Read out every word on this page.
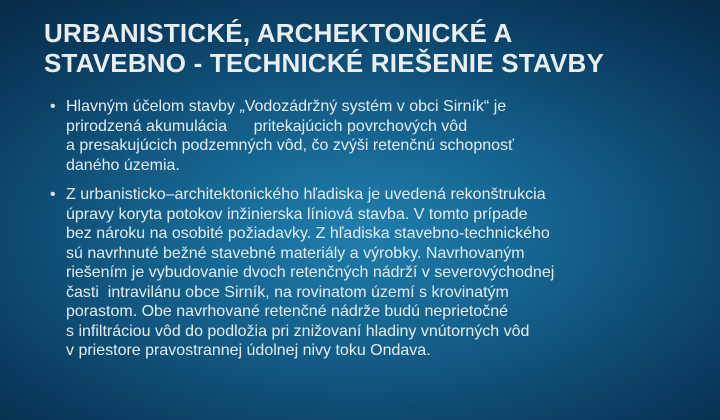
URBANISTICKÉ, ARCHEKTONICKÉ A
STAVEBNO - TECHNICKÉ RIEŠENIE STAVBY
• Hlavným účelom stavby „Vodozádržný systém v obci Sirník“ je
prirodzená akumulácia      pritekajúcich povrchových vôd
a presakujúcich podzemných vôd, čo zvýši retenčnú schopnosť
daného územia.
• Z urbanisticko–architektonického hľadiska je uvedená rekonštrukcia
úpravy koryta potokov inžinierska líniová stavba. V tomto prípade
bez nároku na osobité požiadavky. Z hľadiska stavebno-technického
sú navrhnuté bežné stavebné materiály a výrobky. Navrhovaným
riešením je vybudovanie dvoch retenčných nádrží v severovýchodnej
časti  intravilánu obce Sirník, na rovinatom území s krovinatým
porastom. Obe navrhované retenčné nádrže budú neprietočné
s infiltráciou vôd do podložia pri znižovaní hladiny vnútorných vôd
v priestore pravostrannej údolnej nivy toku Ondava.
